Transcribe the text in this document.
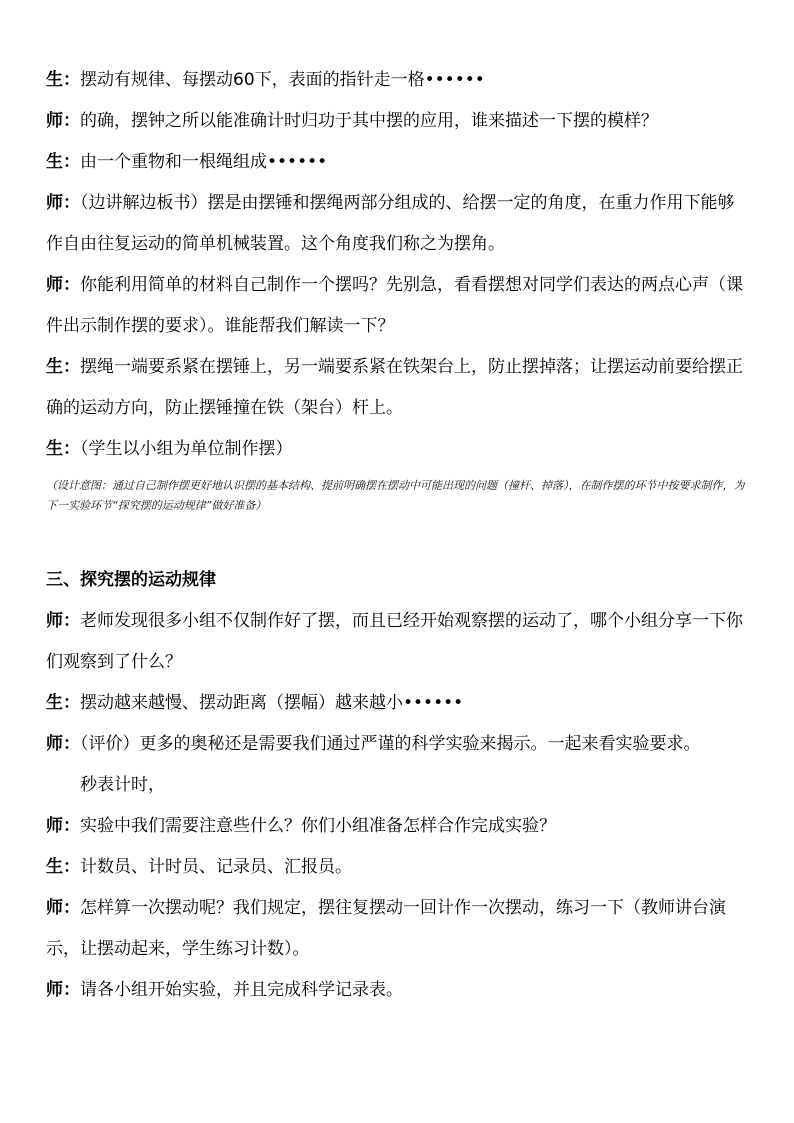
生：摆动有规律、每摆动60下，表面的指针走一格••••••

师：的确，摆钟之所以能准确计时归功于其中摆的应用，谁来描述一下摆的模样？

生：由一个重物和一根绳组成••••••

师：（边讲解边板书）摆是由摆锤和摆绳两部分组成的、给摆一定的角度，在重力作用下能够作自由往复运动的简单机械装置。这个角度我们称之为摆角。

师：你能利用简单的材料自己制作一个摆吗？先别急，看看摆想对同学们表达的两点心声（课件出示制作摆的要求）。谁能帮我们解读一下？

生：摆绳一端要系紧在摆锤上，另一端要系紧在铁架台上，防止摆掉落；让摆运动前要给摆正确的运动方向，防止摆锤撞在铁（架台）杆上。

生：（学生以小组为单位制作摆）

（设计意图：通过自己制作摆更好地认识摆的基本结构、提前明确摆在摆动中可能出现的问题（撞杆、掉落），在制作摆的环节中按要求制作，为下一实验环节“探究摆的运动规律”做好准备）

三、探究摆的运动规律

师：老师发现很多小组不仅制作好了摆，而且已经开始观察摆的运动了，哪个小组分享一下你们观察到了什么？

生：摆动越来越慢、摆动距离（摆幅）越来越小••••••

师：（评价）更多的奥秘还是需要我们通过严谨的科学实验来揭示。一起来看实验要求。

秒表计时，

师：实验中我们需要注意些什么？你们小组准备怎样合作完成实验？

生：计数员、计时员、记录员、汇报员。

师：怎样算一次摆动呢？我们规定，摆往复摆动一回计作一次摆动，练习一下（教师讲台演示，让摆动起来，学生练习计数）。

师：请各小组开始实验，并且完成科学记录表。
